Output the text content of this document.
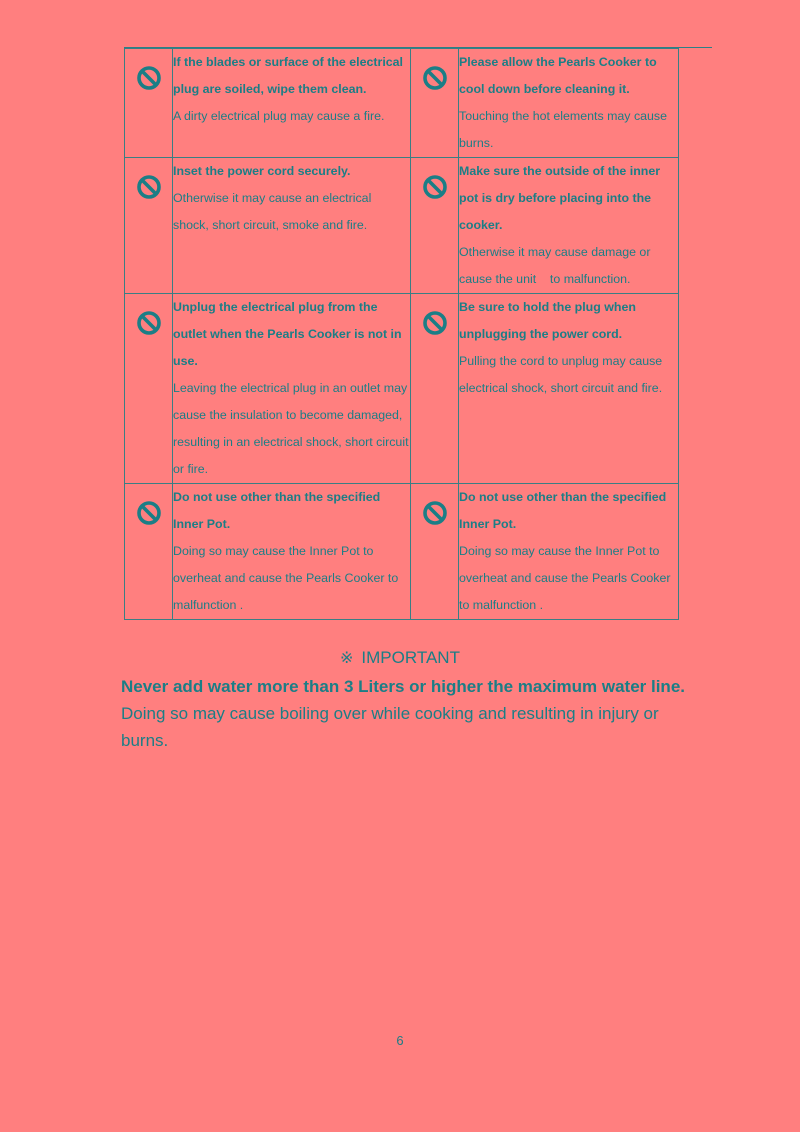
If the blades or surface of the electrical plug are soiled, wipe them clean.
A dirty electrical plug may cause a fire.		Please allow the Pearls Cooker to cool down before cleaning it.
Touching the hot elements may cause burns.

Inset the power cord securely.
Otherwise it may cause an electrical shock, short circuit, smoke and fire.		Make sure the outside of the inner pot is dry before placing into the cooker.
Otherwise it may cause damage or cause the unit    to malfunction.

Unplug the electrical plug from the outlet when the Pearls Cooker is not in use.
Leaving the electrical plug in an outlet may cause the insulation to become damaged, resulting in an electrical shock, short circuit or fire.		Be sure to hold the plug when unplugging the power cord.
Pulling the cord to unplug may cause electrical shock, short circuit and fire.

Do not use other than the specified Inner Pot.
Doing so may cause the Inner Pot to overheat and cause the Pearls Cooker to malfunction .		Do not use other than the specified Inner Pot.
Doing so may cause the Inner Pot to overheat and cause the Pearls Cooker to malfunction .
※ IMPORTANT
Never add water more than 3 Liters or higher the maximum water line.
Doing so may cause boiling over while cooking and resulting in injury or burns.
6
